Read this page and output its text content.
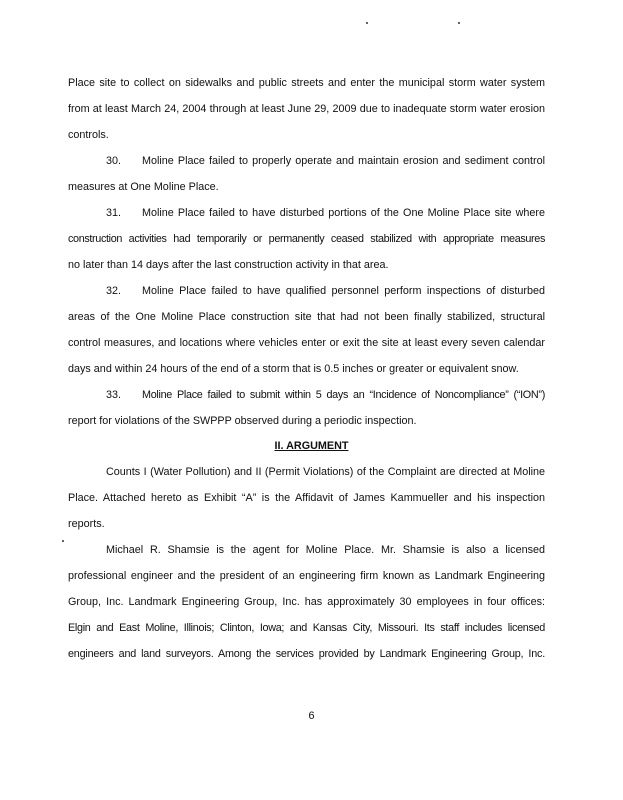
Place site to collect on sidewalks and public streets and enter the municipal storm water system
from at least March 24, 2004 through at least June 29, 2009 due to inadequate storm water erosion
controls.
30. Moline Place failed to properly operate and maintain erosion and sediment control
measures at One Moline Place.
31. Moline Place failed to have disturbed portions of the One Moline Place site where
construction activities had temporarily or permanently ceased stabilized with appropriate measures
no later than 14 days after the last construction activity in that area.
32. Moline Place failed to have qualified personnel perform inspections of disturbed
areas of the One Moline Place construction site that had not been finally stabilized, structural
control measures, and locations where vehicles enter or exit the site at least every seven calendar
days and within 24 hours of the end of a storm that is 0.5 inches or greater or equivalent snow.
33. Moline Place failed to submit within 5 days an “Incidence of Noncompliance” (“ION”)
report for violations of the SWPPP observed during a periodic inspection.
II. ARGUMENT
Counts I (Water Pollution) and II (Permit Violations) of the Complaint are directed at Moline
Place. Attached hereto as Exhibit “A” is the Affidavit of James Kammueller and his inspection
reports.
Michael R. Shamsie is the agent for Moline Place. Mr. Shamsie is also a licensed
professional engineer and the president of an engineering firm known as Landmark Engineering
Group, Inc. Landmark Engineering Group, Inc. has approximately 30 employees in four offices:
Elgin and East Moline, Illinois; Clinton, Iowa; and Kansas City, Missouri. Its staff includes licensed
engineers and land surveyors. Among the services provided by Landmark Engineering Group, Inc.
6
